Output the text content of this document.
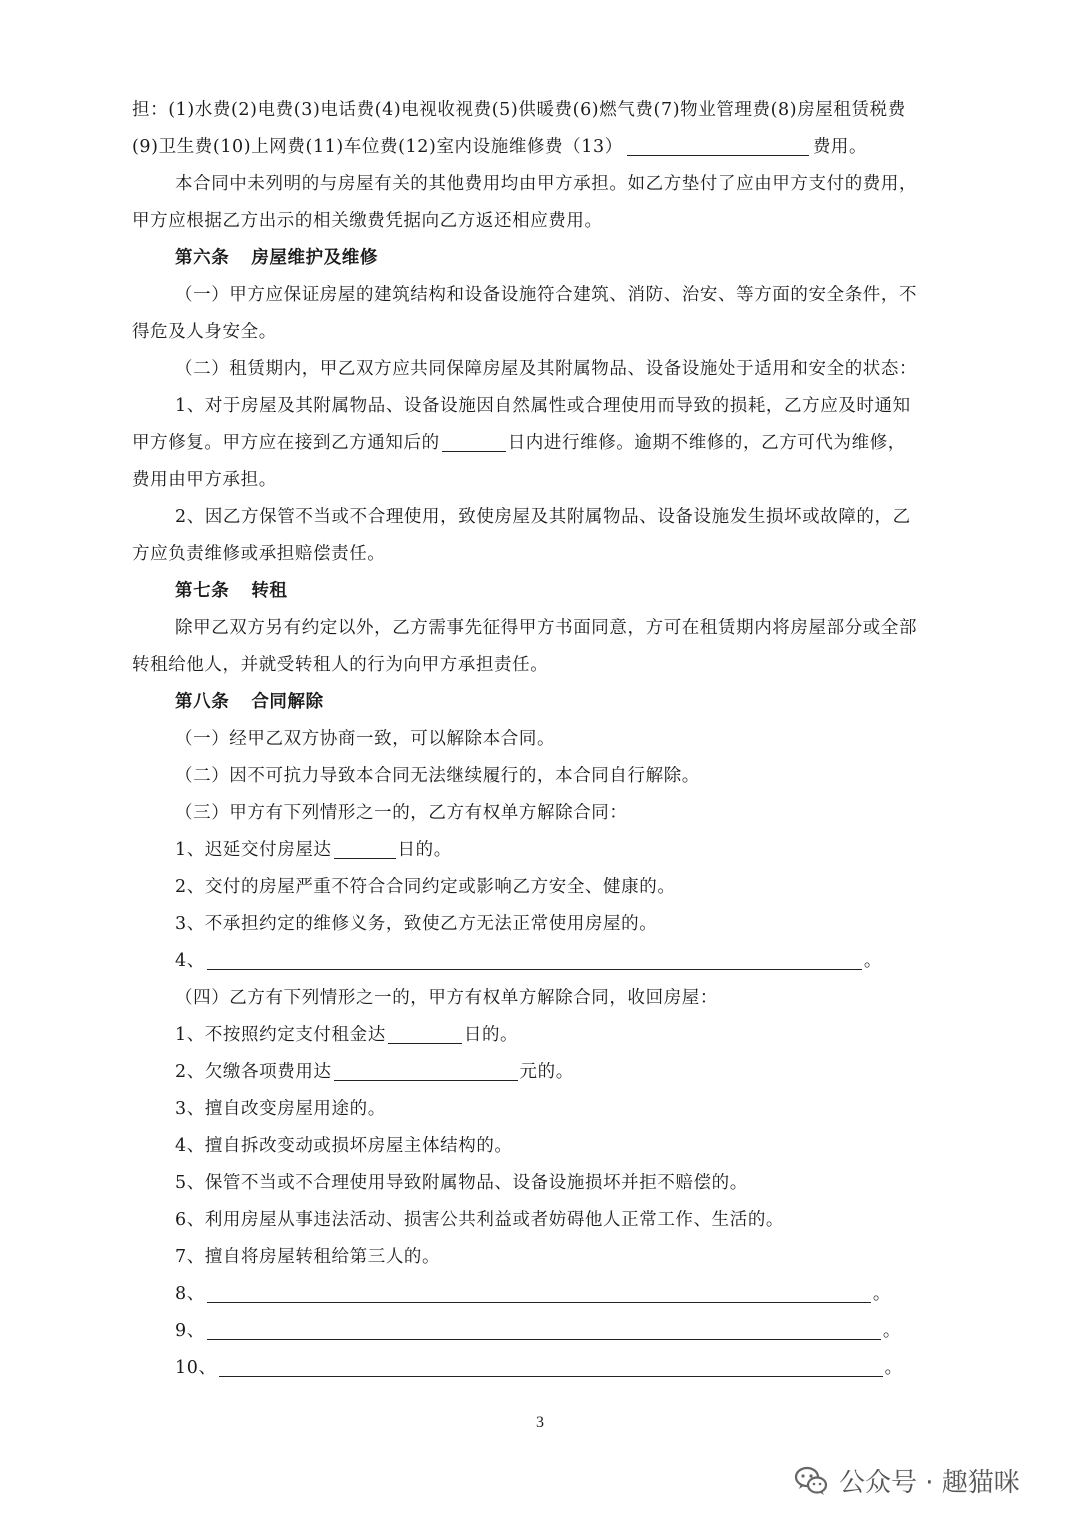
担：(1)水费(2)电费(3)电话费(4)电视收视费(5)供暖费(6)燃气费(7)物业管理费(8)房屋租赁税费
(9)卫生费(10)上网费(11)车位费(12)室内设施维修费（13）	费用。
本合同中未列明的与房屋有关的其他费用均由甲方承担。如乙方垫付了应由甲方支付的费用，
甲方应根据乙方出示的相关缴费凭据向乙方返还相应费用。
第六条 房屋维护及维修
（一）甲方应保证房屋的建筑结构和设备设施符合建筑、消防、治安、等方面的安全条件，不
得危及人身安全。
（二）租赁期内，甲乙双方应共同保障房屋及其附属物品、设备设施处于适用和安全的状态：
1、对于房屋及其附属物品、设备设施因自然属性或合理使用而导致的损耗，乙方应及时通知
甲方修复。甲方应在接到乙方通知后的	日内进行维修。逾期不维修的，乙方可代为维修，
费用由甲方承担。
2、因乙方保管不当或不合理使用，致使房屋及其附属物品、设备设施发生损坏或故障的，乙
方应负责维修或承担赔偿责任。
第七条 转租
除甲乙双方另有约定以外，乙方需事先征得甲方书面同意，方可在租赁期内将房屋部分或全部
转租给他人，并就受转租人的行为向甲方承担责任。
第八条 合同解除
（一）经甲乙双方协商一致，可以解除本合同。
（二）因不可抗力导致本合同无法继续履行的，本合同自行解除。
（三）甲方有下列情形之一的，乙方有权单方解除合同：
1、迟延交付房屋达	日的。
2、交付的房屋严重不符合合同约定或影响乙方安全、健康的。
3、不承担约定的维修义务，致使乙方无法正常使用房屋的。
4、	。
（四）乙方有下列情形之一的，甲方有权单方解除合同，收回房屋：
1、不按照约定支付租金达	日的。
2、欠缴各项费用达	元的。
3、擅自改变房屋用途的。
4、擅自拆改变动或损坏房屋主体结构的。
5、保管不当或不合理使用导致附属物品、设备设施损坏并拒不赔偿的。
6、利用房屋从事违法活动、损害公共利益或者妨碍他人正常工作、生活的。
7、擅自将房屋转租给第三人的。
8、	。
9、	。
10、	。
3
公众号 · 趣猫咪
